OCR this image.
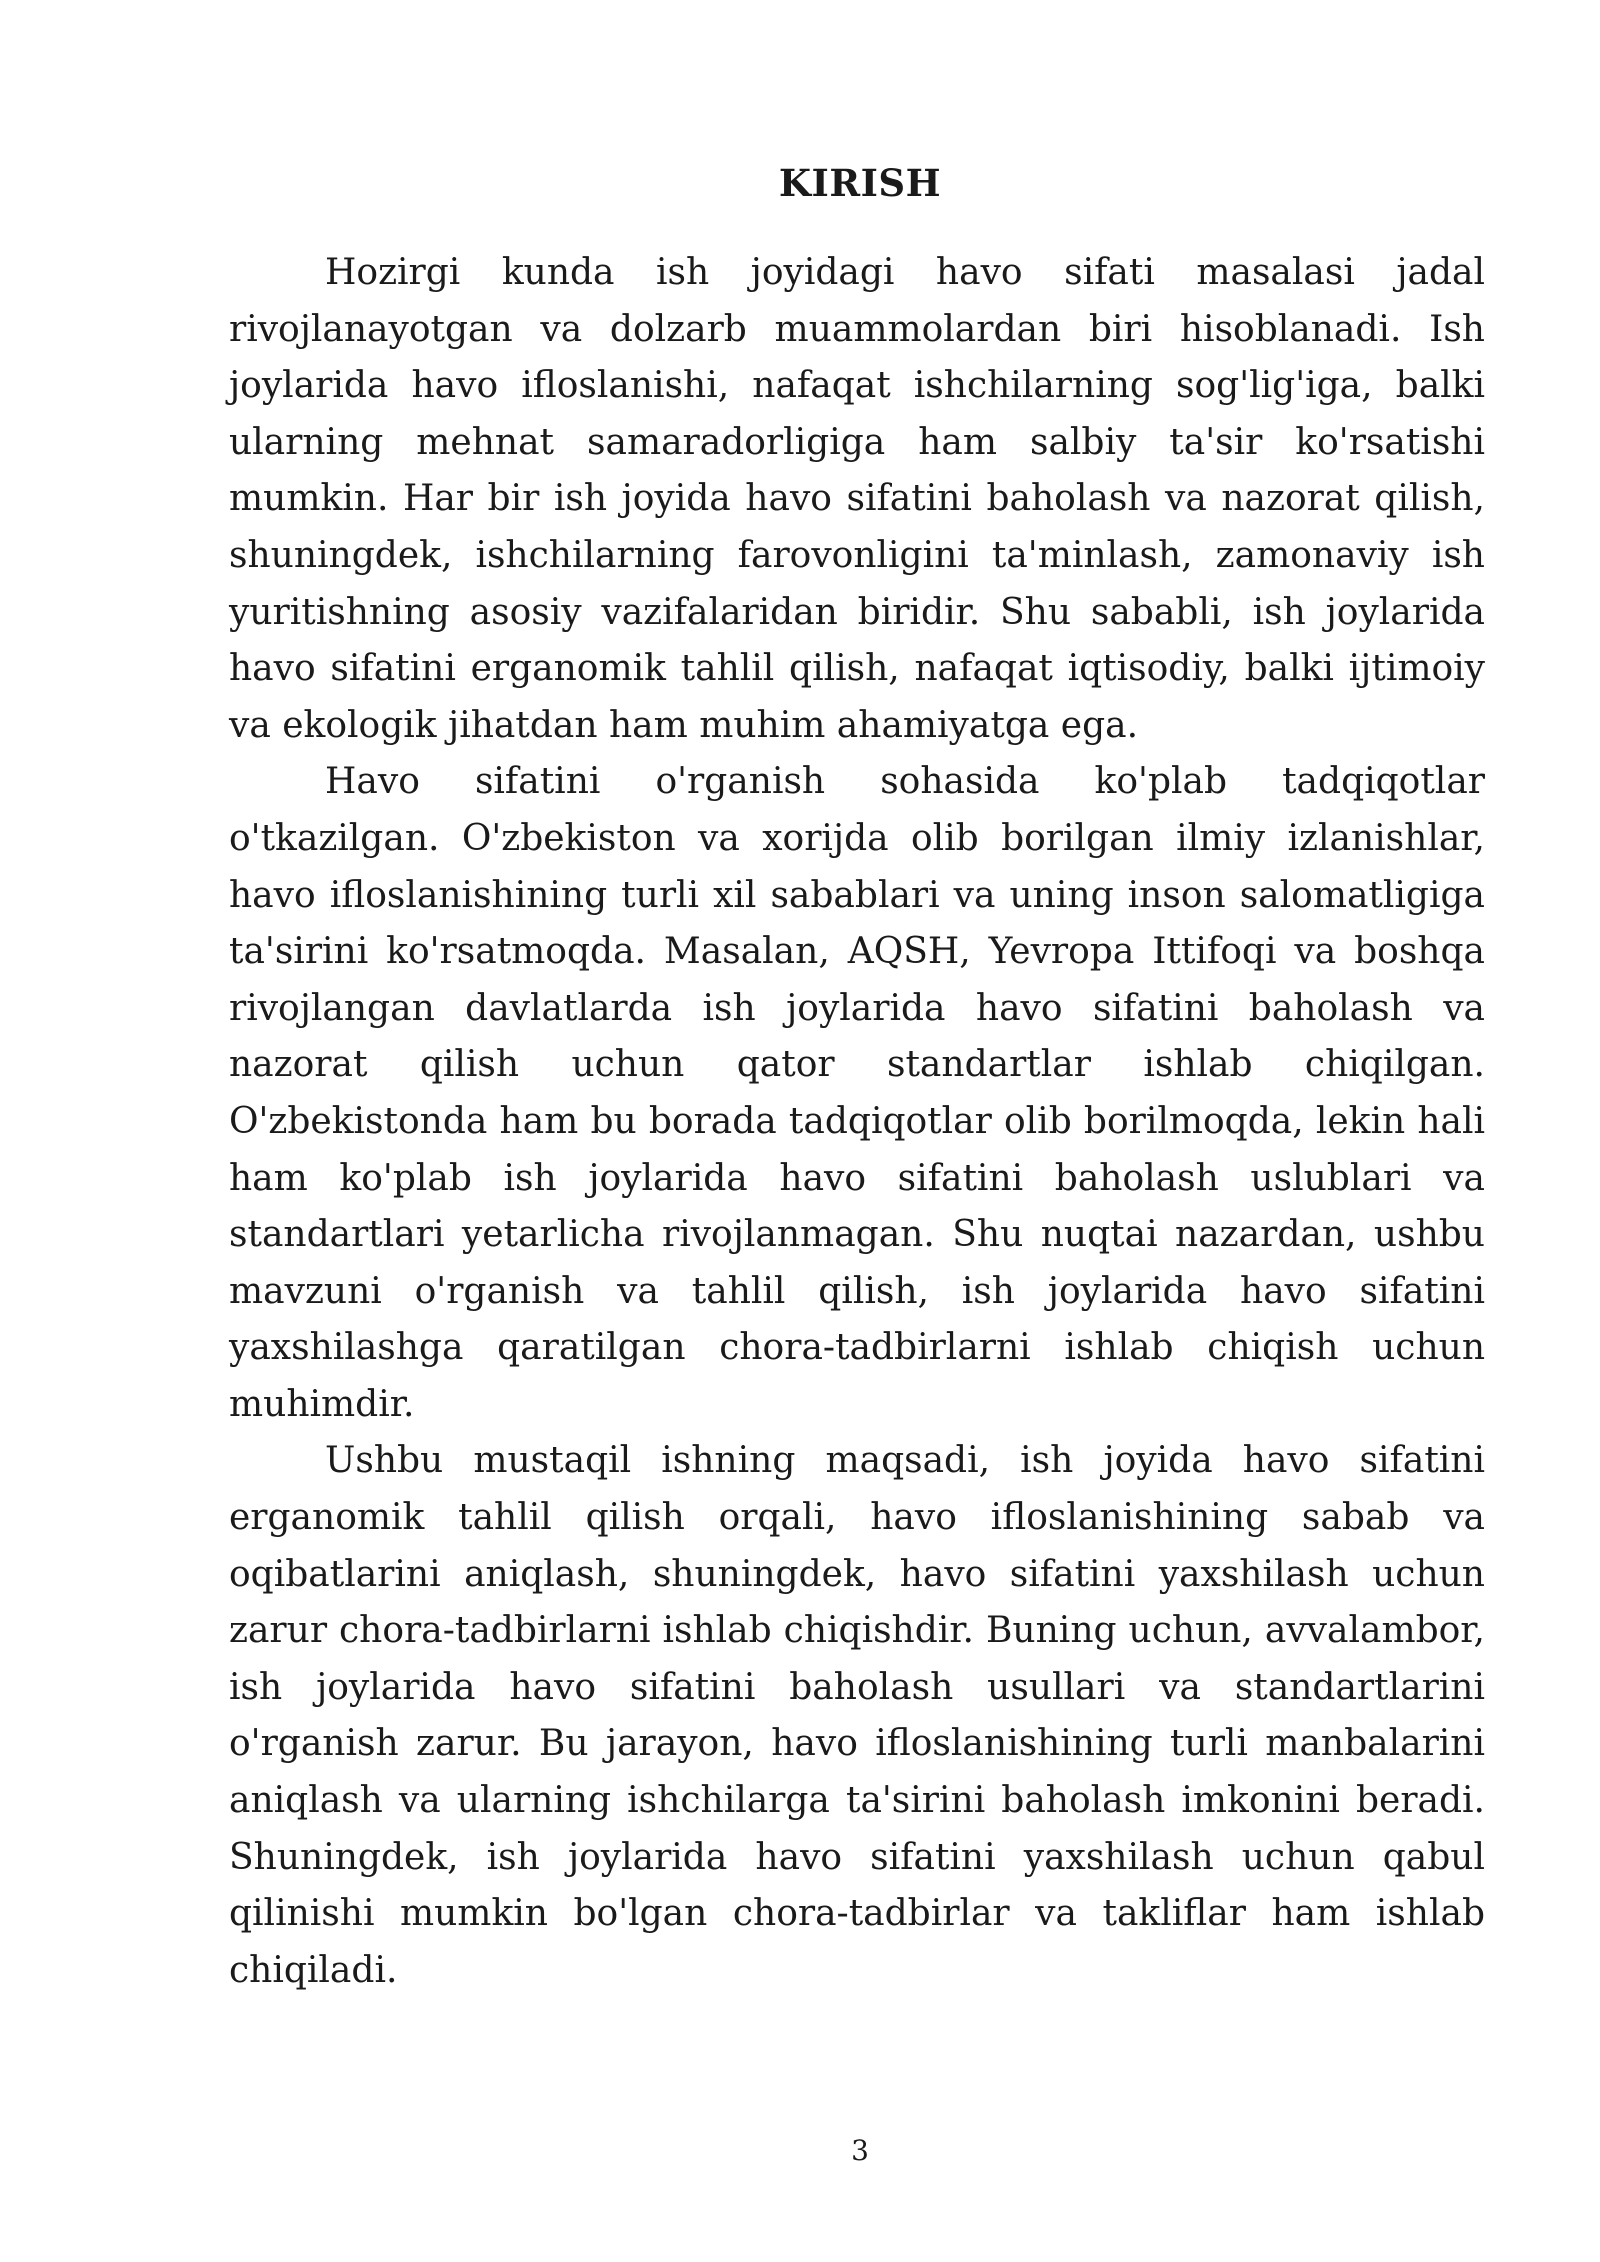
KIRISH

Hozirgi kunda ish joyidagi havo sifati masalasi jadal rivojlanayotgan va dolzarb muammolardan biri hisoblanadi. Ish joylarida havo ifloslanishi, nafaqat ishchilarning sog'lig'iga, balki ularning mehnat samaradorligiga ham salbiy ta'sir ko'rsatishi mumkin. Har bir ish joyida havo sifatini baholash va nazorat qilish, shuningdek, ishchilarning farovonligini ta'minlash, zamonaviy ish yuritishning asosiy vazifalaridan biridir. Shu sababli, ish joylarida havo sifatini erganomik tahlil qilish, nafaqat iqtisodiy, balki ijtimoiy va ekologik jihatdan ham muhim ahamiyatga ega.

Havo sifatini o'rganish sohasida ko'plab tadqiqotlar o'tkazilgan. O'zbekiston va xorijda olib borilgan ilmiy izlanishlar, havo ifloslanishining turli xil sabablari va uning inson salomatligiga ta'sirini ko'rsatmoqda. Masalan, AQSH, Yevropa Ittifoqi va boshqa rivojlangan davlatlarda ish joylarida havo sifatini baholash va nazorat qilish uchun qator standartlar ishlab chiqilgan. O'zbekistonda ham bu borada tadqiqotlar olib borilmoqda, lekin hali ham ko'plab ish joylarida havo sifatini baholash uslublari va standartlari yetarlicha rivojlanmagan. Shu nuqtai nazardan, ushbu mavzuni o'rganish va tahlil qilish, ish joylarida havo sifatini yaxshilashga qaratilgan chora-tadbirlarni ishlab chiqish uchun muhimdir.

Ushbu mustaqil ishning maqsadi, ish joyida havo sifatini erganomik tahlil qilish orqali, havo ifloslanishining sabab va oqibatlarini aniqlash, shuningdek, havo sifatini yaxshilash uchun zarur chora-tadbirlarni ishlab chiqishdir. Buning uchun, avvalambor, ish joylarida havo sifatini baholash usullari va standartlarini o'rganish zarur. Bu jarayon, havo ifloslanishining turli manbalarini aniqlash va ularning ishchilarga ta'sirini baholash imkonini beradi. Shuningdek, ish joylarida havo sifatini yaxshilash uchun qabul qilinishi mumkin bo'lgan chora-tadbirlar va takliflar ham ishlab chiqiladi.

3
